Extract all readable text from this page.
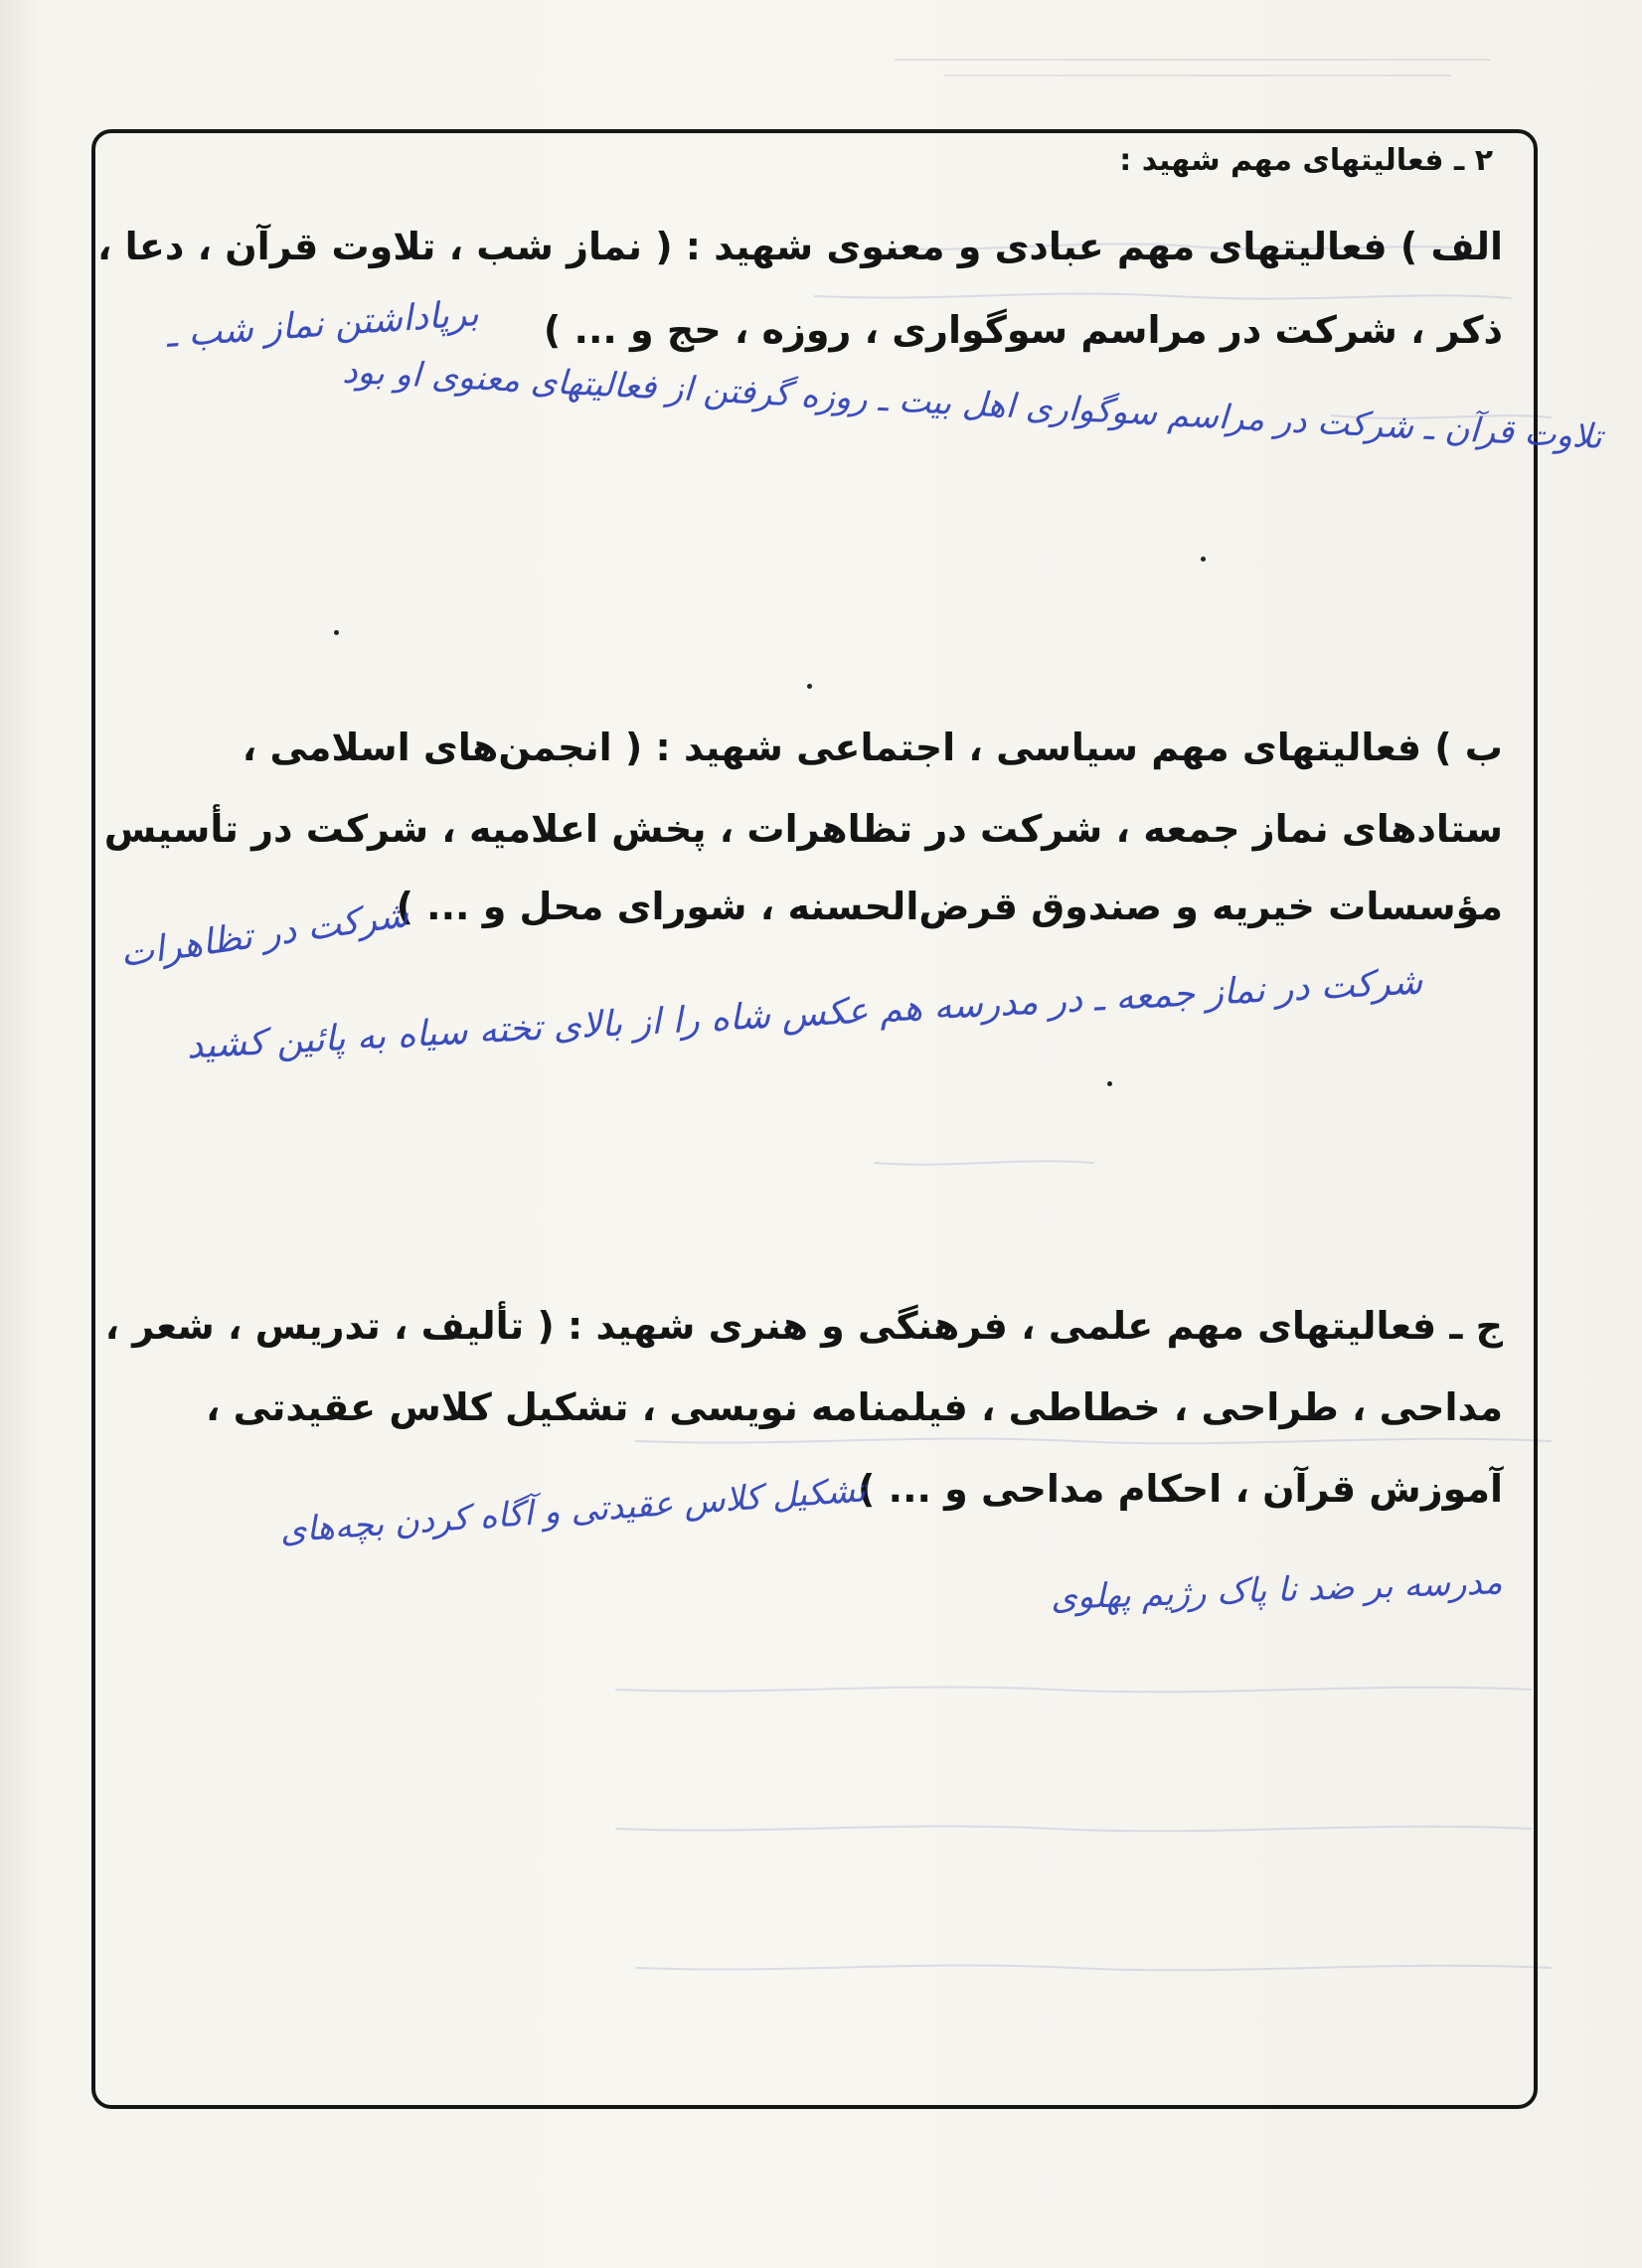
۲ ـ فعالیتهای مهم شهید :
الف ) فعالیتهای مهم عبادی و معنوی شهید : ( نماز شب ، تلاوت قرآن ، دعا ،
ذکر ، شرکت در مراسم سوگواری ، روزه ، حج و ... )
برپاداشتن نماز شب ـ
تلاوت قرآن ـ شرکت در مراسم سوگواری اهل بیت ـ روزه گرفتن از فعالیتهای معنوی او بود
ب ) فعالیتهای مهم سیاسی ، اجتماعی شهید : ( انجمن‌های اسلامی ،
ستادهای نماز جمعه ، شرکت در تظاهرات ، پخش اعلامیه ، شرکت در تأسیس
مؤسسات خیریه و صندوق قرض‌الحسنه ، شورای محل و ... )
شرکت در تظاهرات
شرکت در نماز جمعه ـ در مدرسه هم عکس شاه را از بالای تخته سیاه به پائین کشید
ج ـ فعالیتهای مهم علمی ، فرهنگی و هنری شهید : ( تألیف ، تدریس ، شعر ،
مداحی ، طراحی ، خطاطی ، فیلمنامه نویسی ، تشکیل کلاس عقیدتی ،
آموزش قرآن ، احکام مداحی و ... )
تشکیل کلاس عقیدتی و آگاه کردن بچه‌های
مدرسه بر ضد نا پاک رژیم پهلوی
